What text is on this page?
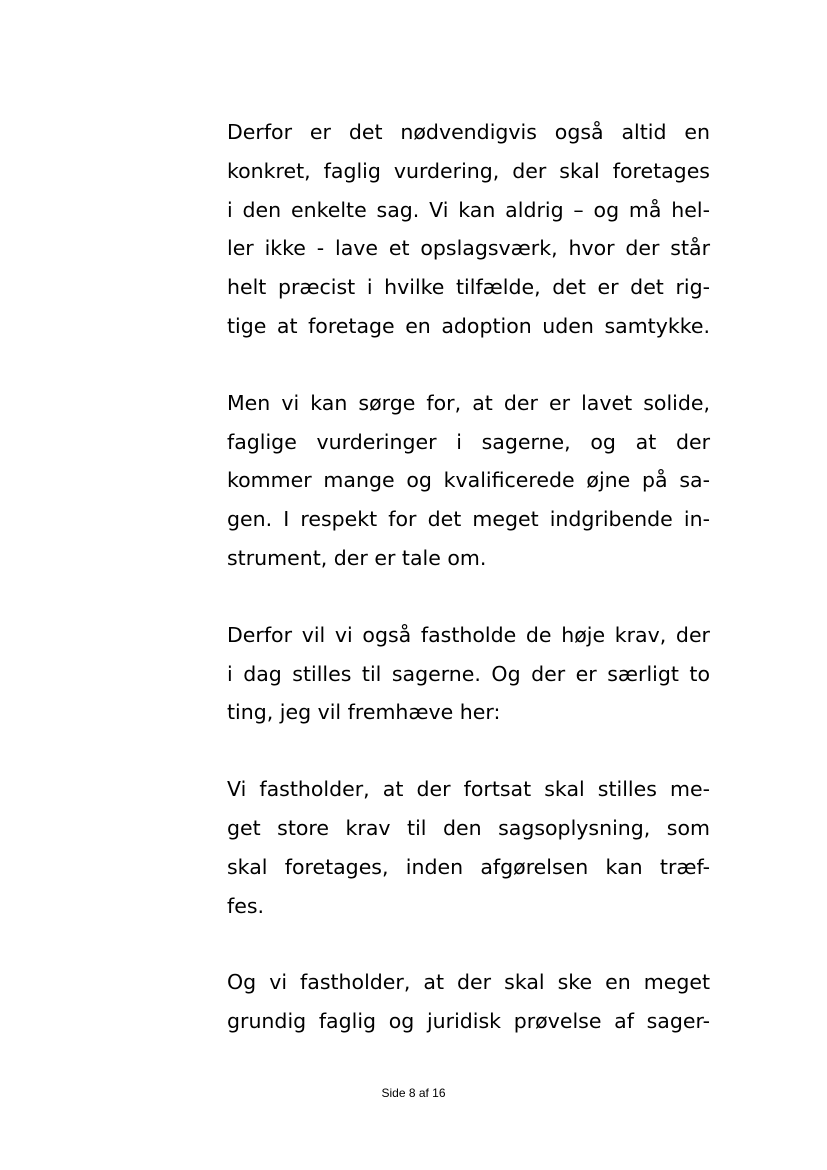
Derfor er det nødvendigvis også altid en
konkret, faglig vurdering, der skal foretages
i den enkelte sag. Vi kan aldrig – og må hel-
ler ikke - lave et opslagsværk, hvor der står
helt præcist i hvilke tilfælde, det er det rig-
tige at foretage en adoption uden samtykke.
Men vi kan sørge for, at der er lavet solide,
faglige vurderinger i sagerne, og at der
kommer mange og kvalificerede øjne på sa-
gen. I respekt for det meget indgribende in-
strument, der er tale om.
Derfor vil vi også fastholde de høje krav, der
i dag stilles til sagerne. Og der er særligt to
ting, jeg vil fremhæve her:
Vi fastholder, at der fortsat skal stilles me-
get store krav til den sagsoplysning, som
skal foretages, inden afgørelsen kan træf-
fes.
Og vi fastholder, at der skal ske en meget
grundig faglig og juridisk prøvelse af sager-
Side 8 af 16
